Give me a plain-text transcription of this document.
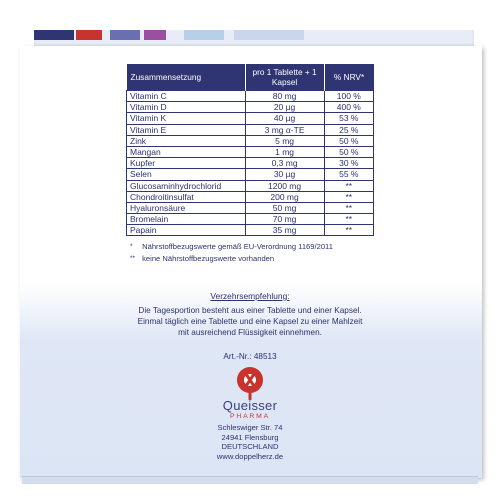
Zusammensetzung	pro 1 Tablette + 1 Kapsel	% NRV*
Vitamin C	80 mg	100 %
Vitamin D	20 µg	400 %
Vitamin K	40 µg	53 %
Vitamin E	3 mg α-TE	25 %
Zink	5 mg	50 %
Mangan	1 mg	50 %
Kupfer	0,3 mg	30 %
Selen	30 µg	55 %
Glucosaminhydrochlorid	1200 mg	**
Chondroitinsulfat	200 mg	**
Hyaluronsäure	50 mg	**
Bromelain	70 mg	**
Papain	35 mg	**
* Nährstoffbezugswerte gemäß EU-Verordnung 1169/2011
** keine Nährstoffbezugswerte vorhanden
Verzehrsempfehlung:
Die Tagesportion besteht aus einer Tablette und einer Kapsel.
Einmal täglich eine Tablette und eine Kapsel zu einer Mahlzeit
mit ausreichend Flüssigkeit einnehmen.
Art.-Nr.: 48513
Queisser
PHARMA
Schleswiger Str. 74
24941 Flensburg
DEUTSCHLAND
www.doppelherz.de
